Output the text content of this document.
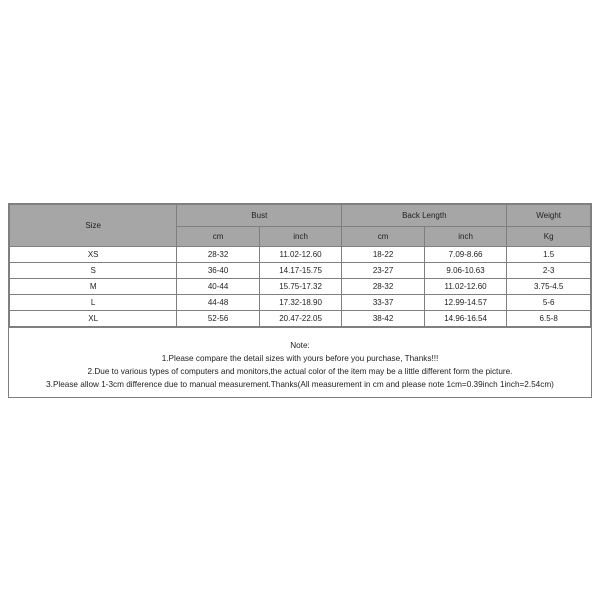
Size	Bust		Back Length		Weight
	cm	inch	cm	inch	Kg
XS	28-32	11.02-12.60	18-22	7.09-8.66	1.5
S	36-40	14.17-15.75	23-27	9.06-10.63	2-3
M	40-44	15.75-17.32	28-32	11.02-12.60	3.75-4.5
L	44-48	17.32-18.90	33-37	12.99-14.57	5-6
XL	52-56	20.47-22.05	38-42	14.96-16.54	6.5-8
Note:
1.Please compare the detail sizes with yours before you purchase, Thanks!!!
2.Due to various types of computers and monitors,the actual color of the item may be a little different form the picture.
3.Please allow 1-3cm difference due to manual measurement.Thanks(All measurement in cm and please note 1cm=0.39inch 1inch=2.54cm)
